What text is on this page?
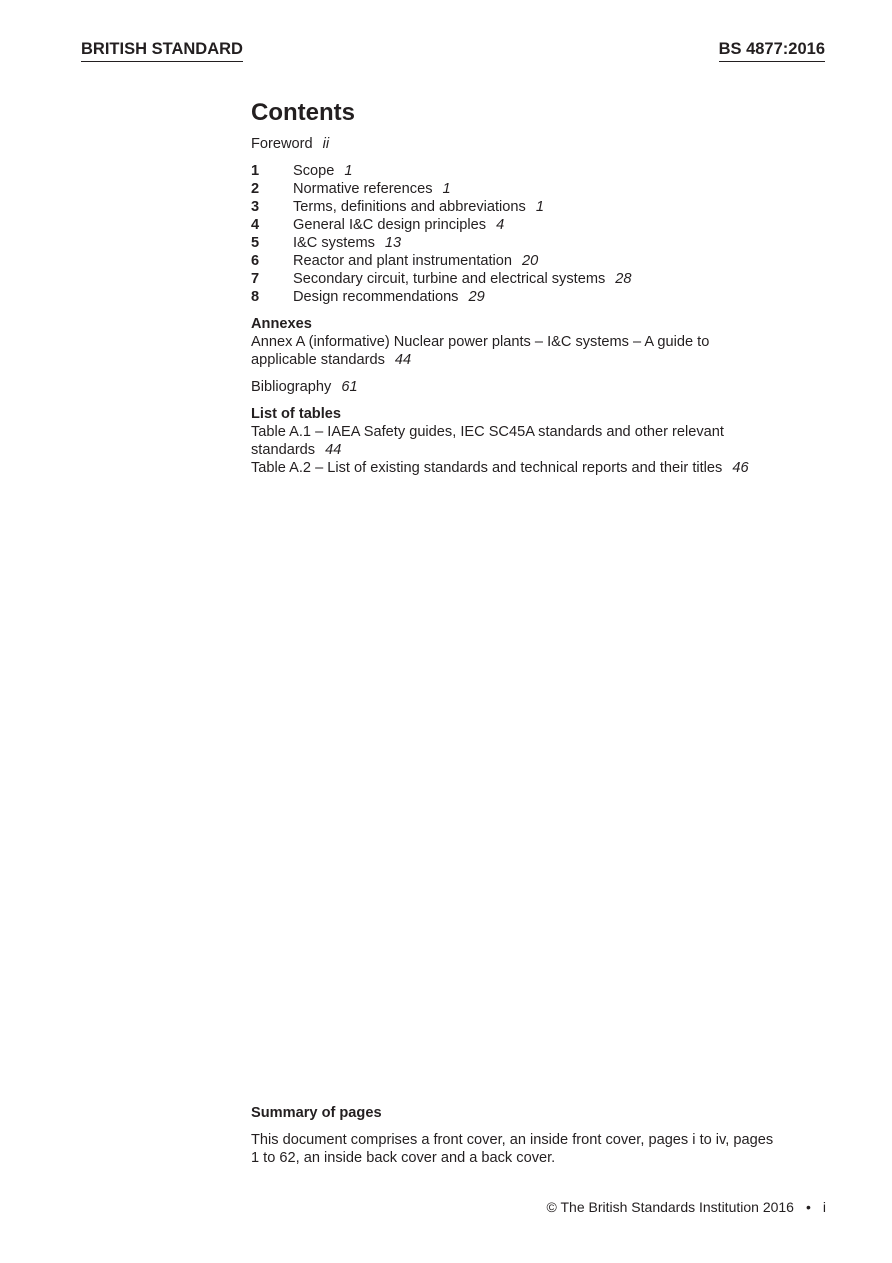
BRITISH STANDARD	BS 4877:2016
Contents
Foreword ii
1 Scope 1
2 Normative references 1
3 Terms, definitions and abbreviations 1
4 General I&C design principles 4
5 I&C systems 13
6 Reactor and plant instrumentation 20
7 Secondary circuit, turbine and electrical systems 28
8 Design recommendations 29
Annexes
Annex A (informative) Nuclear power plants – I&C systems – A guide to
applicable standards 44
Bibliography 61
List of tables
Table A.1 – IAEA Safety guides, IEC SC45A standards and other relevant
standards 44
Table A.2 – List of existing standards and technical reports and their titles 46
Summary of pages
This document comprises a front cover, an inside front cover, pages i to iv, pages
1 to 62, an inside back cover and a back cover.
© The British Standards Institution 2016 • i
